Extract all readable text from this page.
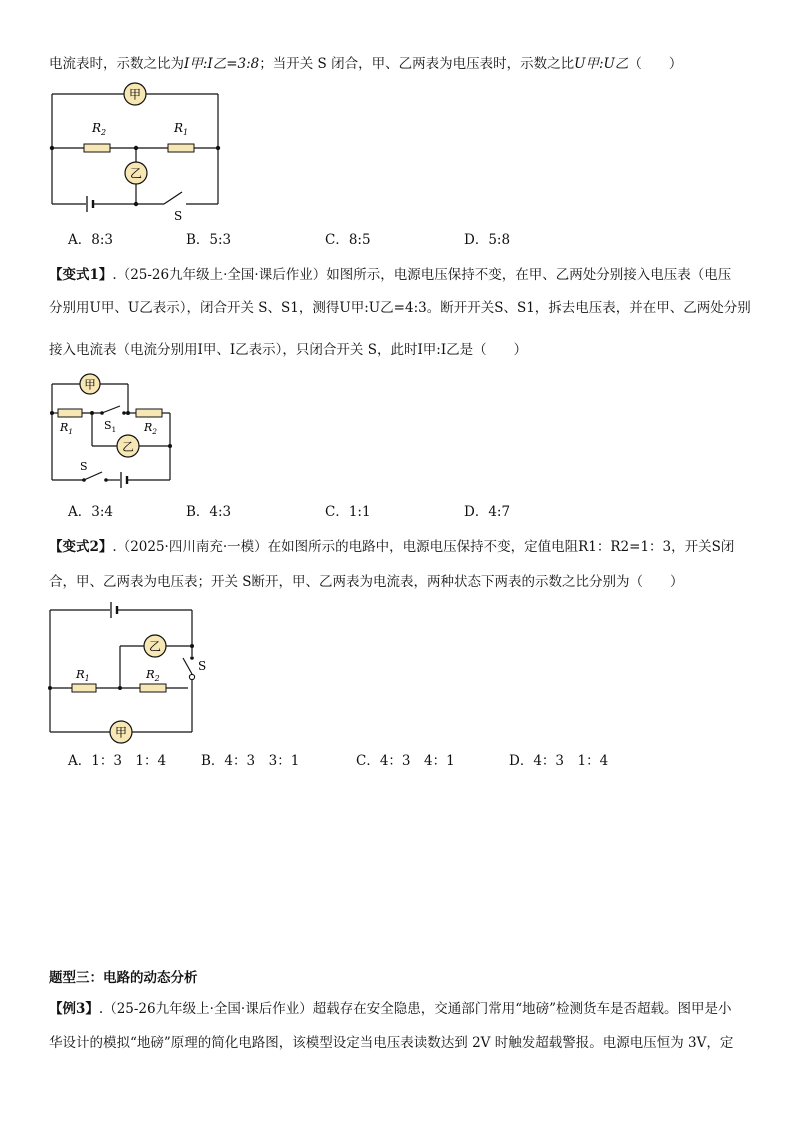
电流表时，示数之比为I甲:I乙=3:8；当开关 S 闭合，甲、乙两表为电压表时，示数之比U甲:U乙（　　）
甲
乙
$R_2$	$R_1$
S
A．8:3	B．5:3	C．8:5	D．5:8
【变式1】.（25-26九年级上·全国·课后作业）如图所示，电源电压保持不变，在甲、乙两处分别接入电压表（电压
分别用U甲、U乙表示），闭合开关 S、S1，测得U甲:U乙=4:3。断开开关S、S1，拆去电压表，并在甲、乙两处分别
接入电流表（电流分别用I甲、I乙表示），只闭合开关 S，此时I甲:I乙是（　　）
甲
乙
$R_1$	$R_2$
$S_1$
S
A．3:4	B．4:3	C．1:1	D．4:7
【变式2】.（2025·四川南充·一模）在如图所示的电路中，电源电压保持不变，定值电阻R1：R2=1：3，开关S闭
合，甲、乙两表为电压表；开关 S断开，甲、乙两表为电流表，两种状态下两表的示数之比分别为（　　）
乙
甲
$R_1$	$R_2$
S
A．1：3　1：4	B．4：3　3：1	C．4：3　4：1	D．4：3　1：4
题型三：电路的动态分析
【例3】.（25-26九年级上·全国·课后作业）超载存在安全隐患，交通部门常用“地磅”检测货车是否超载。图甲是小
华设计的模拟“地磅”原理的简化电路图，该模型设定当电压表读数达到 2V 时触发超载警报。电源电压恒为 3V，定
